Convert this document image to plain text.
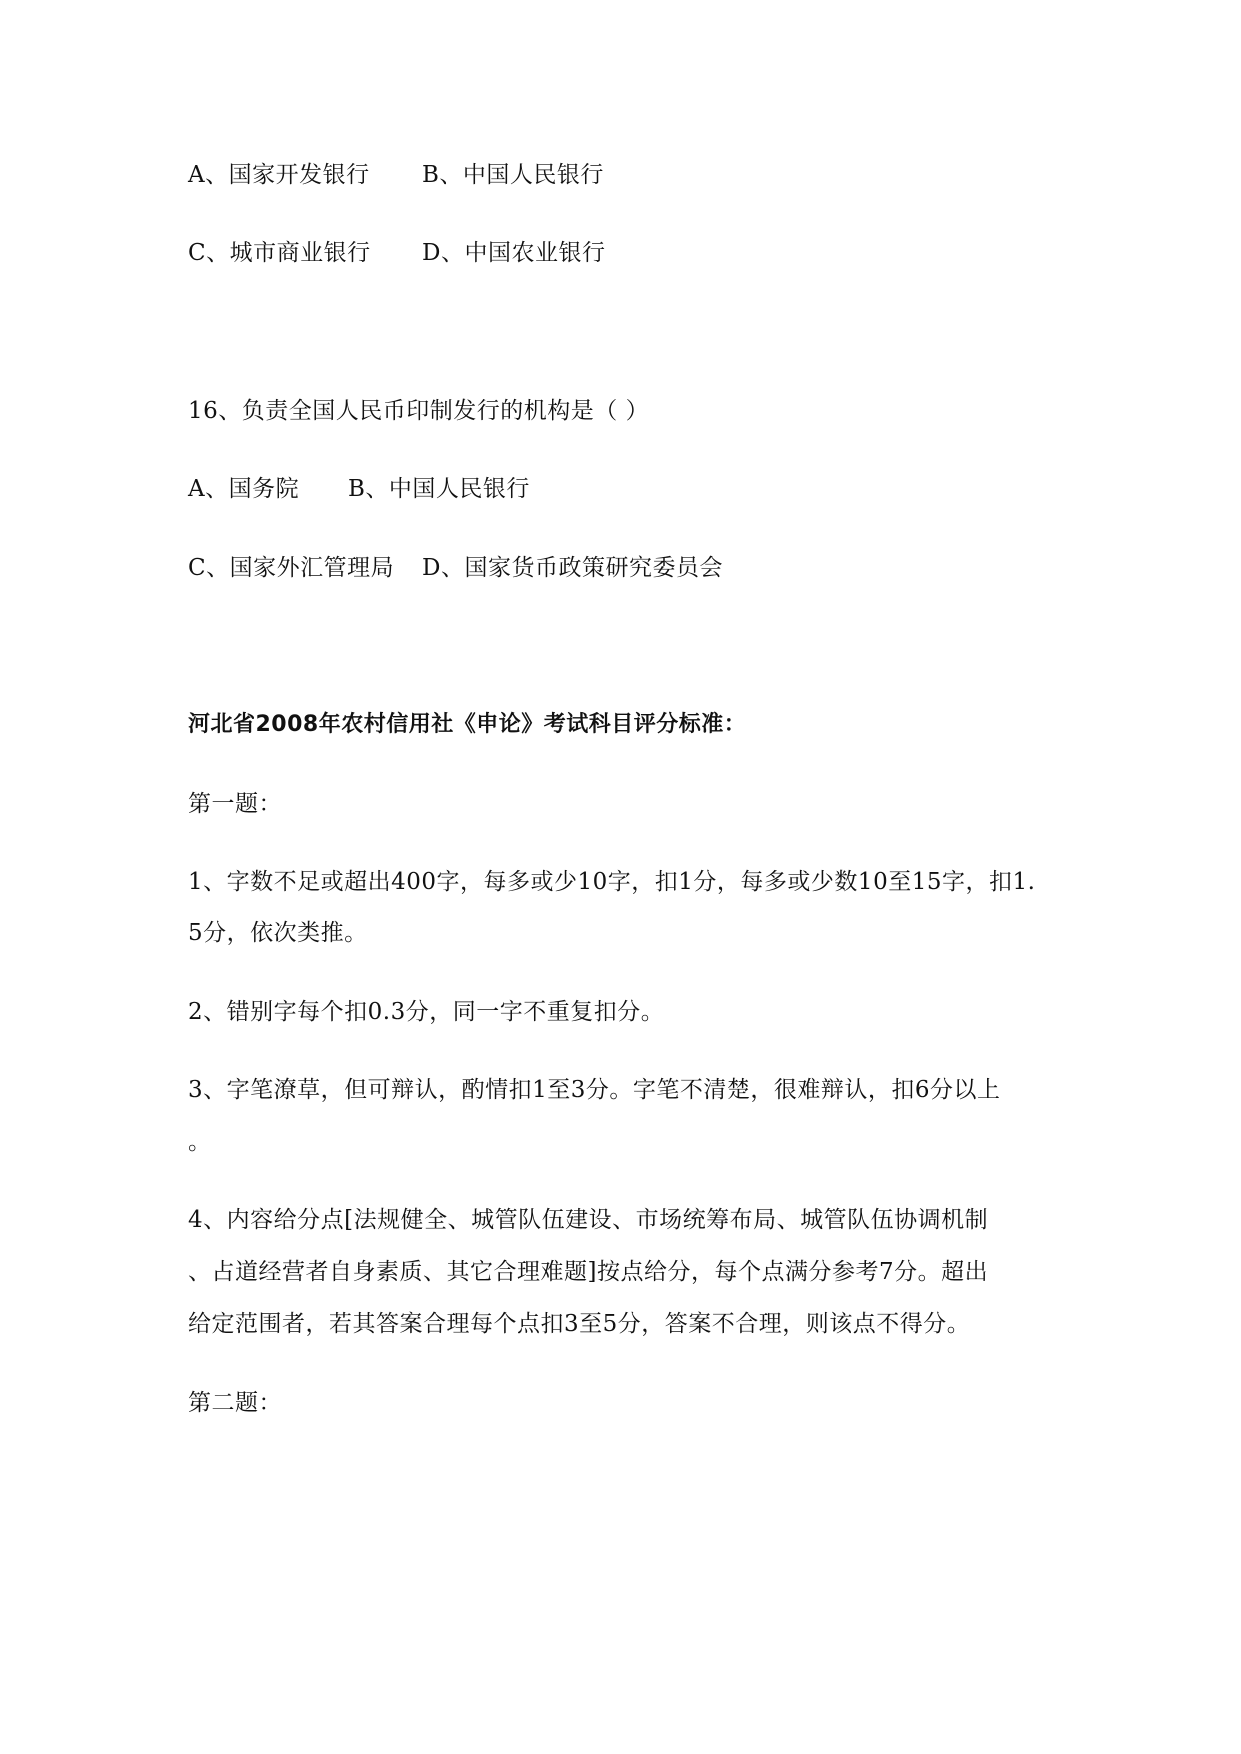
A、国家开发银行 B、中国人民银行
C、城市商业银行 D、中国农业银行
16、负责全国人民币印制发行的机构是（ ）
A、国务院 B、中国人民银行
C、国家外汇管理局 D、国家货币政策研究委员会
河北省2008年农村信用社《申论》考试科目评分标准：
第一题：
1、字数不足或超出400字，每多或少10字，扣1分，每多或少数10至15字，扣1.
5分，依次类推。
2、错别字每个扣0.3分，同一字不重复扣分。
3、字笔潦草，但可辩认，酌情扣1至3分。字笔不清楚，很难辩认，扣6分以上
。
4、内容给分点[法规健全、城管队伍建设、市场统筹布局、城管队伍协调机制
、占道经营者自身素质、其它合理难题]按点给分，每个点满分参考7分。超出
给定范围者，若其答案合理每个点扣3至5分，答案不合理，则该点不得分。
第二题：
